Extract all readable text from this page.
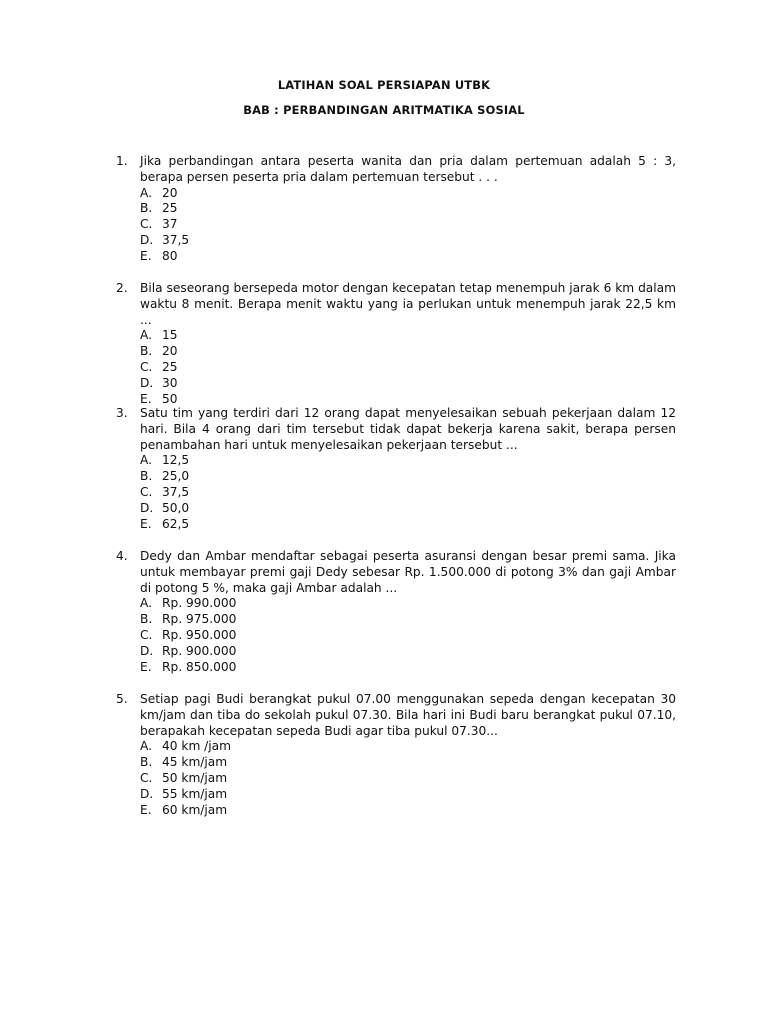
LATIHAN SOAL PERSIAPAN UTBK
BAB : PERBANDINGAN ARITMATIKA SOSIAL
1.	Jika perbandingan antara peserta wanita dan pria dalam pertemuan adalah 5 : 3, berapa persen peserta pria dalam pertemuan tersebut . . .
A. 20
B. 25
C. 37
D. 37,5
E. 80
2.	Bila seseorang bersepeda motor dengan kecepatan tetap menempuh jarak 6 km dalam waktu 8 menit. Berapa menit waktu yang ia perlukan untuk menempuh jarak 22,5 km ...
A. 15
B. 20
C. 25
D. 30
E. 50
3.	Satu tim yang terdiri dari 12 orang dapat menyelesaikan sebuah pekerjaan dalam 12 hari. Bila 4 orang dari tim tersebut tidak dapat bekerja karena sakit, berapa persen penambahan hari untuk menyelesaikan pekerjaan tersebut ...
A. 12,5
B. 25,0
C. 37,5
D. 50,0
E. 62,5
4.	Dedy dan Ambar mendaftar sebagai peserta asuransi dengan besar premi sama. Jika untuk membayar premi gaji Dedy sebesar Rp. 1.500.000 di potong 3% dan gaji Ambar di potong 5 %, maka gaji Ambar adalah ...
A. Rp. 990.000
B. Rp. 975.000
C. Rp. 950.000
D. Rp. 900.000
E. Rp. 850.000
5.	Setiap pagi Budi berangkat pukul 07.00 menggunakan sepeda dengan kecepatan 30 km/jam dan tiba do sekolah pukul 07.30. Bila hari ini Budi baru berangkat pukul 07.10, berapakah kecepatan sepeda Budi agar tiba pukul 07.30...
A. 40 km /jam
B. 45 km/jam
C. 50 km/jam
D. 55 km/jam
E. 60 km/jam
